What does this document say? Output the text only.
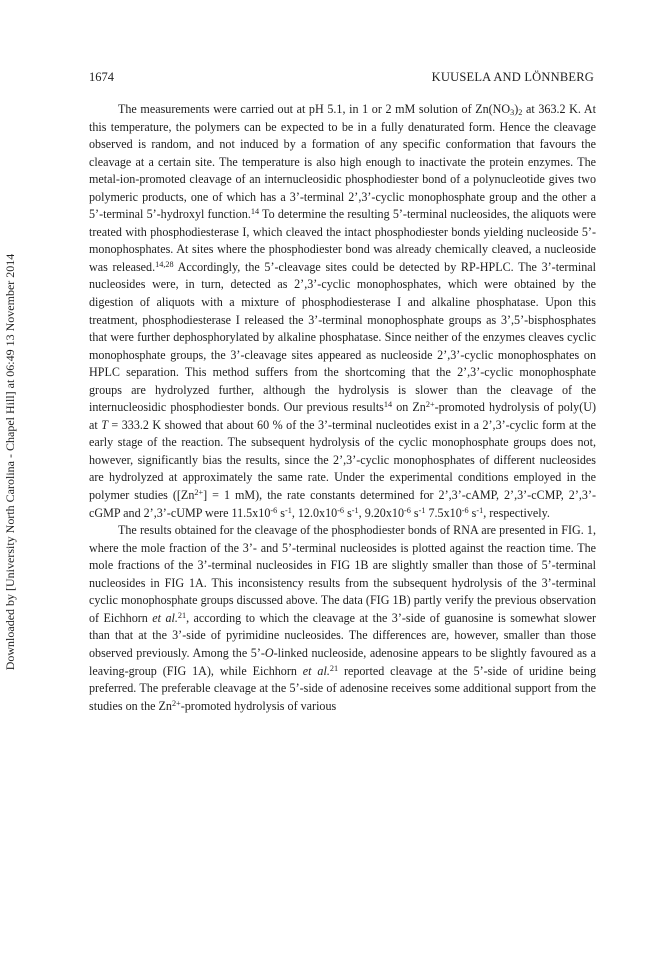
1674	KUUSELA AND LÖNNBERG
Downloaded by [University North Carolina - Chapel Hill] at 06:49 13 November 2014

The measurements were carried out at pH 5.1, in 1 or 2 mM solution of $Zn(NO_3)_2$ at 363.2 K. At this temperature, the polymers can be expected to be in a fully denaturated form. Hence the cleavage observed is random, and not induced by a formation of any specific conformation that favours the cleavage at a certain site. The temperature is also high enough to inactivate the protein enzymes. The metal-ion-promoted cleavage of an internucleosidic phosphodiester bond of a polynucleotide gives two polymeric products, one of which has a 3’-terminal 2’,3’-cyclic monophosphate group and the other a 5’-terminal 5’-hydroxyl function.$^{14}$ To determine the resulting 5’-terminal nucleosides, the aliquots were treated with phosphodiesterase I, which cleaved the intact phosphodiester bonds yielding nucleoside 5’-monophosphates. At sites where the phosphodiester bond was already chemically cleaved, a nucleoside was released.$^{14,28}$ Accordingly, the 5’-cleavage sites could be detected by RP-HPLC. The 3’-terminal nucleosides were, in turn, detected as 2’,3’-cyclic monophosphates, which were obtained by the digestion of aliquots with a mixture of phosphodiesterase I and alkaline phosphatase. Upon this treatment, phosphodiesterase I released the 3’-terminal monophosphate groups as 3’,5’-bisphosphates that were further dephosphorylated by alkaline phosphatase. Since neither of the enzymes cleaves cyclic monophosphate groups, the 3’-cleavage sites appeared as nucleoside 2’,3’-cyclic monophosphates on HPLC separation. This method suffers from the shortcoming that the 2’,3’-cyclic monophosphate groups are hydrolyzed further, although the hydrolysis is slower than the cleavage of the internucleosidic phosphodiester bonds. Our previous results$^{14}$ on $Zn^{2+}$-promoted hydrolysis of poly(U) at T = 333.2 K showed that about 60 % of the 3’-terminal nucleotides exist in a 2’,3’-cyclic form at the early stage of the reaction. The subsequent hydrolysis of the cyclic monophosphate groups does not, however, significantly bias the results, since the 2’,3’-cyclic monophosphates of different nucleosides are hydrolyzed at approximately the same rate. Under the experimental conditions employed in the polymer studies ($[Zn^{2+}] = 1$ mM), the rate constants determined for 2’,3’-cAMP, 2’,3’-cCMP, 2’,3’-cGMP and 2’,3’-cUMP were $11.5x10^{-6}$ $s^{-1}$, $12.0x10^{-6}$ $s^{-1}$, $9.20x10^{-6}$ $s^{-1}$ $7.5x10^{-6}$ $s^{-1}$, respectively.

The results obtained for the cleavage of the phosphodiester bonds of RNA are presented in FIG. 1, where the mole fraction of the 3’- and 5’-terminal nucleosides is plotted against the reaction time. The mole fractions of the 3’-terminal nucleosides in FIG 1B are slightly smaller than those of 5’-terminal nucleosides in FIG 1A. This inconsistency results from the subsequent hydrolysis of the 3’-terminal cyclic monophosphate groups discussed above. The data (FIG 1B) partly verify the previous observation of Eichhorn et al.$^{21}$, according to which the cleavage at the 3’-side of guanosine is somewhat slower than that at the 3’-side of pyrimidine nucleosides. The differences are, however, smaller than those observed previously. Among the 5’-O-linked nucleoside, adenosine appears to be slightly favoured as a leaving-group (FIG 1A), while Eichhorn et al.$^{21}$ reported cleavage at the 5’-side of uridine being preferred. The preferable cleavage at the 5’-side of adenosine receives some additional support from the studies on the $Zn^{2+}$-promoted hydrolysis of various
